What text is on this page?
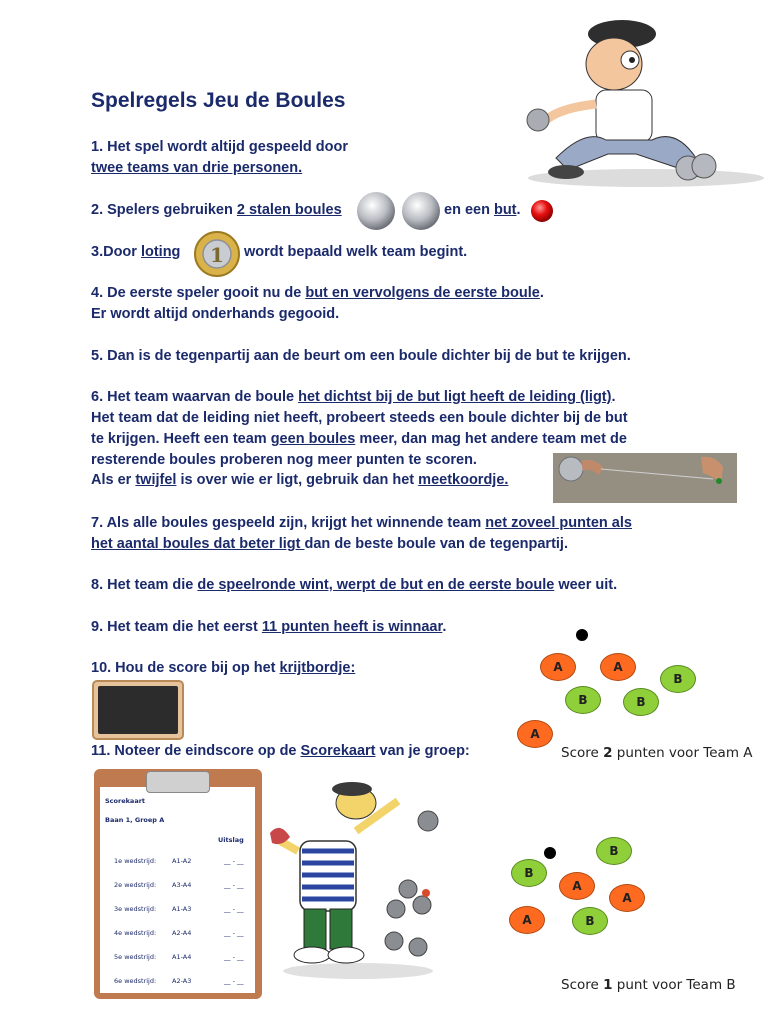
Spelregels Jeu de Boules
1. Het spel wordt altijd gespeeld door
twee teams van drie personen.
2. Spelers gebruiken 2 stalen boules	en een but.
3.Door loting	wordt bepaald welk team begint.
1
4. De eerste speler gooit nu de but en vervolgens de eerste boule.
Er wordt altijd onderhands gegooid.
5. Dan is de tegenpartij aan de beurt om een boule dichter bij de but te krijgen.
6. Het team waarvan de boule het dichtst bij de but ligt heeft de leiding (ligt).
Het team dat de leiding niet heeft, probeert steeds een boule dichter bij de but
te krijgen. Heeft een team geen boules meer, dan mag het andere team met de
resterende boules proberen nog meer punten te scoren.
Als er twijfel is over wie er ligt, gebruik dan het meetkoordje.
7. Als alle boules gespeeld zijn, krijgt het winnende team net zoveel punten als
het aantal boules dat beter ligt dan de beste boule van de tegenpartij.
8. Het team die de speelronde wint, werpt de but en de eerste boule weer uit.
9. Het team die het eerst 11 punten heeft is winnaar.
10. Hou de score bij op het krijtbordje:
11. Noteer de eindscore op de Scorekaart van je groep:
Scorekaart
Baan 1, Groep A
Uitslag
1e wedstrijd: A1-A2	__ - __
2e wedstrijd: A3-A4	__ - __
3e wedstrijd: A1-A3	__ - __
4e wedstrijd: A2-A4	__ - __
5e wedstrijd: A1-A4	__ - __
6e wedstrijd: A2-A3	__ - __
A	A
B
B	B
A
Score 2 punten voor Team A
B
B
A
A
A	B
Score 1 punt voor Team B
